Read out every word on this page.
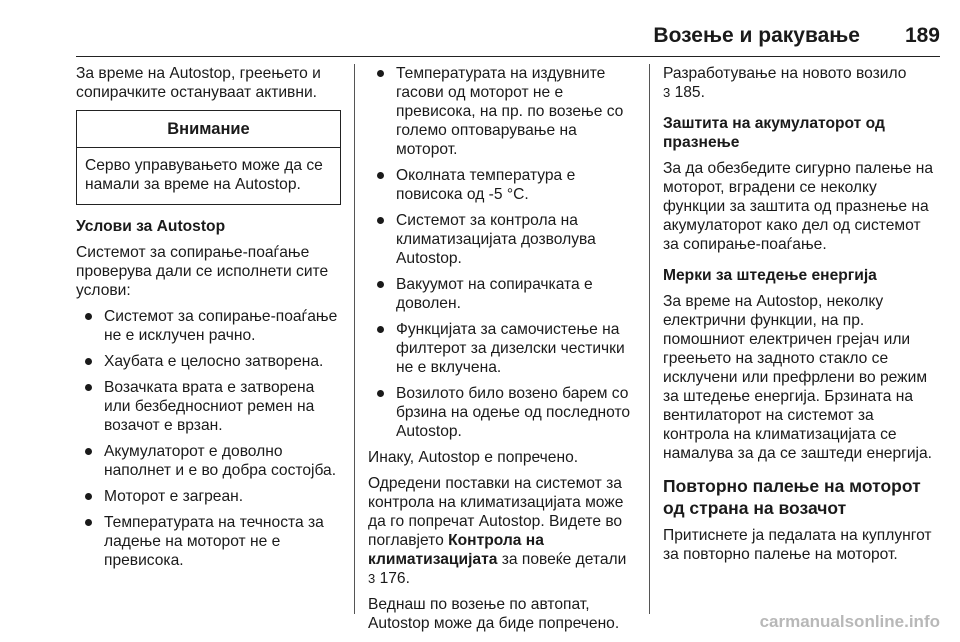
Возење и ракување	189

За време на Autostop, греењето и сопирачките остануваат активни.

Внимание
Серво управувањето може да се намали за време на Autostop.

Услови за Autostop

Системот за сопирање-поаѓање проверува дали се исполнети сите услови:

Системот за сопирање-поаѓање не е исклучен рачно.
Хаубата е целосно затворена.
Возачката врата е затворена или безбедносниот ремен на возачот е врзан.
Акумулаторот е доволно наполнет и е во добра состојба.
Моторот е загреан.
Температурата на течноста за ладење на моторот не е превисока.
Температурата на издувните гасови од моторот не е превисока, на пр. по возење со големо оптоварување на моторот.
Околната температура е повисока од -5 °C.
Системот за контрола на климатизацијата дозволува Autostop.
Вакуумот на сопирачката е доволен.
Функцијата за самочистење на филтерот за дизелски честички не е вклучена.
Возилото било возено барем со брзина на одење од последното Autostop.

Инаку, Autostop е попречено.

Одредени поставки на системот за контрола на климатизацијата може да го попречат Autostop. Видете во поглавјето Контрола на климатизацијата за повеќе детали
3 176.

Веднаш по возење по автопат, Autostop може да биде попречено.

Разработување на новото возило
3 185.

Заштита на акумулаторот од празнење

За да обезбедите сигурно палење на моторот, вградени се неколку функции за заштита од празнење на акумулаторот како дел од системот за сопирање-поаѓање.

Мерки за штедење енергија

За време на Autostop, неколку електрични функции, на пр. помошниот електричен грејач или греењето на задното стакло се исклучени или префрлени во режим за штедење енергија. Брзината на вентилаторот на системот за контрола на климатизацијата се намалува за да се заштеди енергија.

Повторно палење на моторот од страна на возачот

Притиснете ја педалата на куплунгот за повторно палење на моторот.

carmanualsonline.info
